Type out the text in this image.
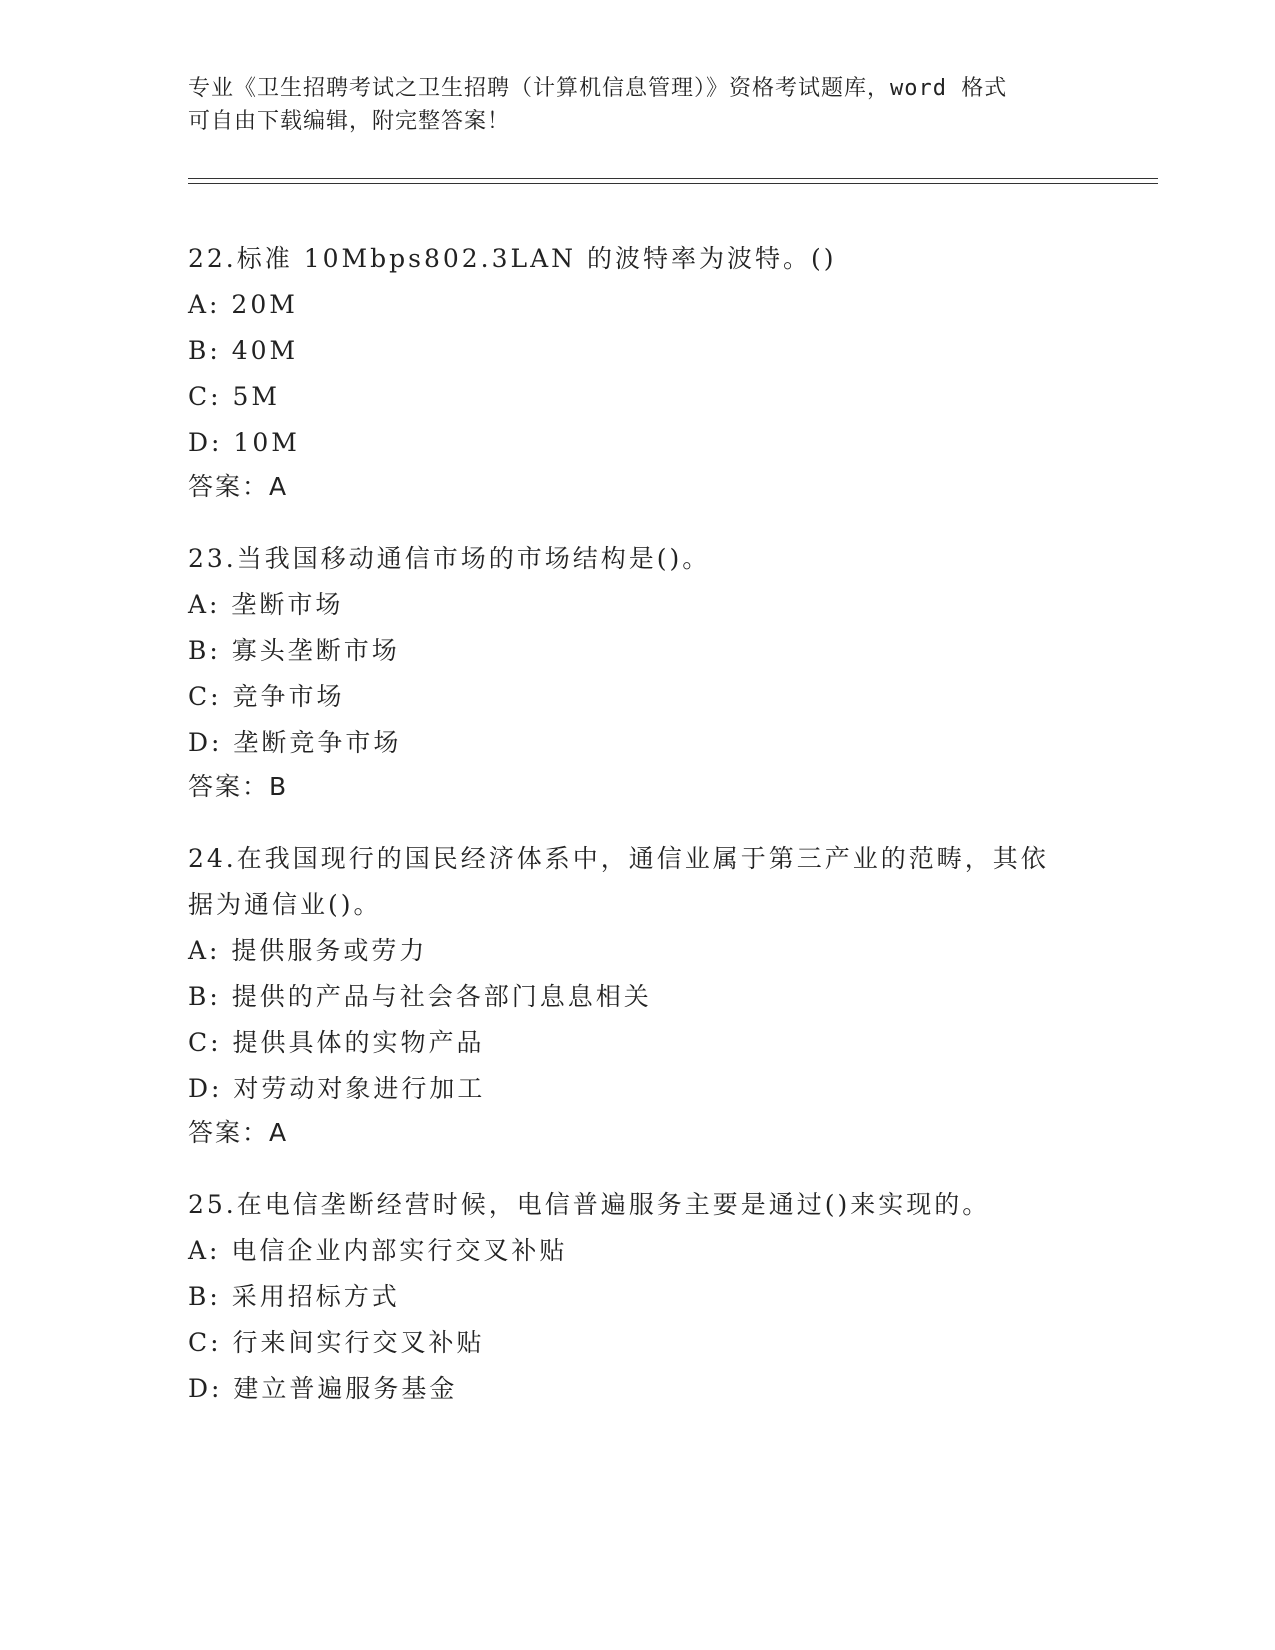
专业《卫生招聘考试之卫生招聘（计算机信息管理）》资格考试题库，word 格式
可自由下载编辑，附完整答案！
22.标准 10Mbps802.3LAN 的波特率为波特。()
A: 20M
B: 40M
C: 5M
D: 10M
答案：A
23.当我国移动通信市场的市场结构是()。
A: 垄断市场
B: 寡头垄断市场
C: 竞争市场
D: 垄断竞争市场
答案：B
24.在我国现行的国民经济体系中，通信业属于第三产业的范畴，其依
据为通信业()。
A: 提供服务或劳力
B: 提供的产品与社会各部门息息相关
C: 提供具体的实物产品
D: 对劳动对象进行加工
答案：A
25.在电信垄断经营时候，电信普遍服务主要是通过()来实现的。
A: 电信企业内部实行交叉补贴
B: 采用招标方式
C: 行来间实行交叉补贴
D: 建立普遍服务基金
